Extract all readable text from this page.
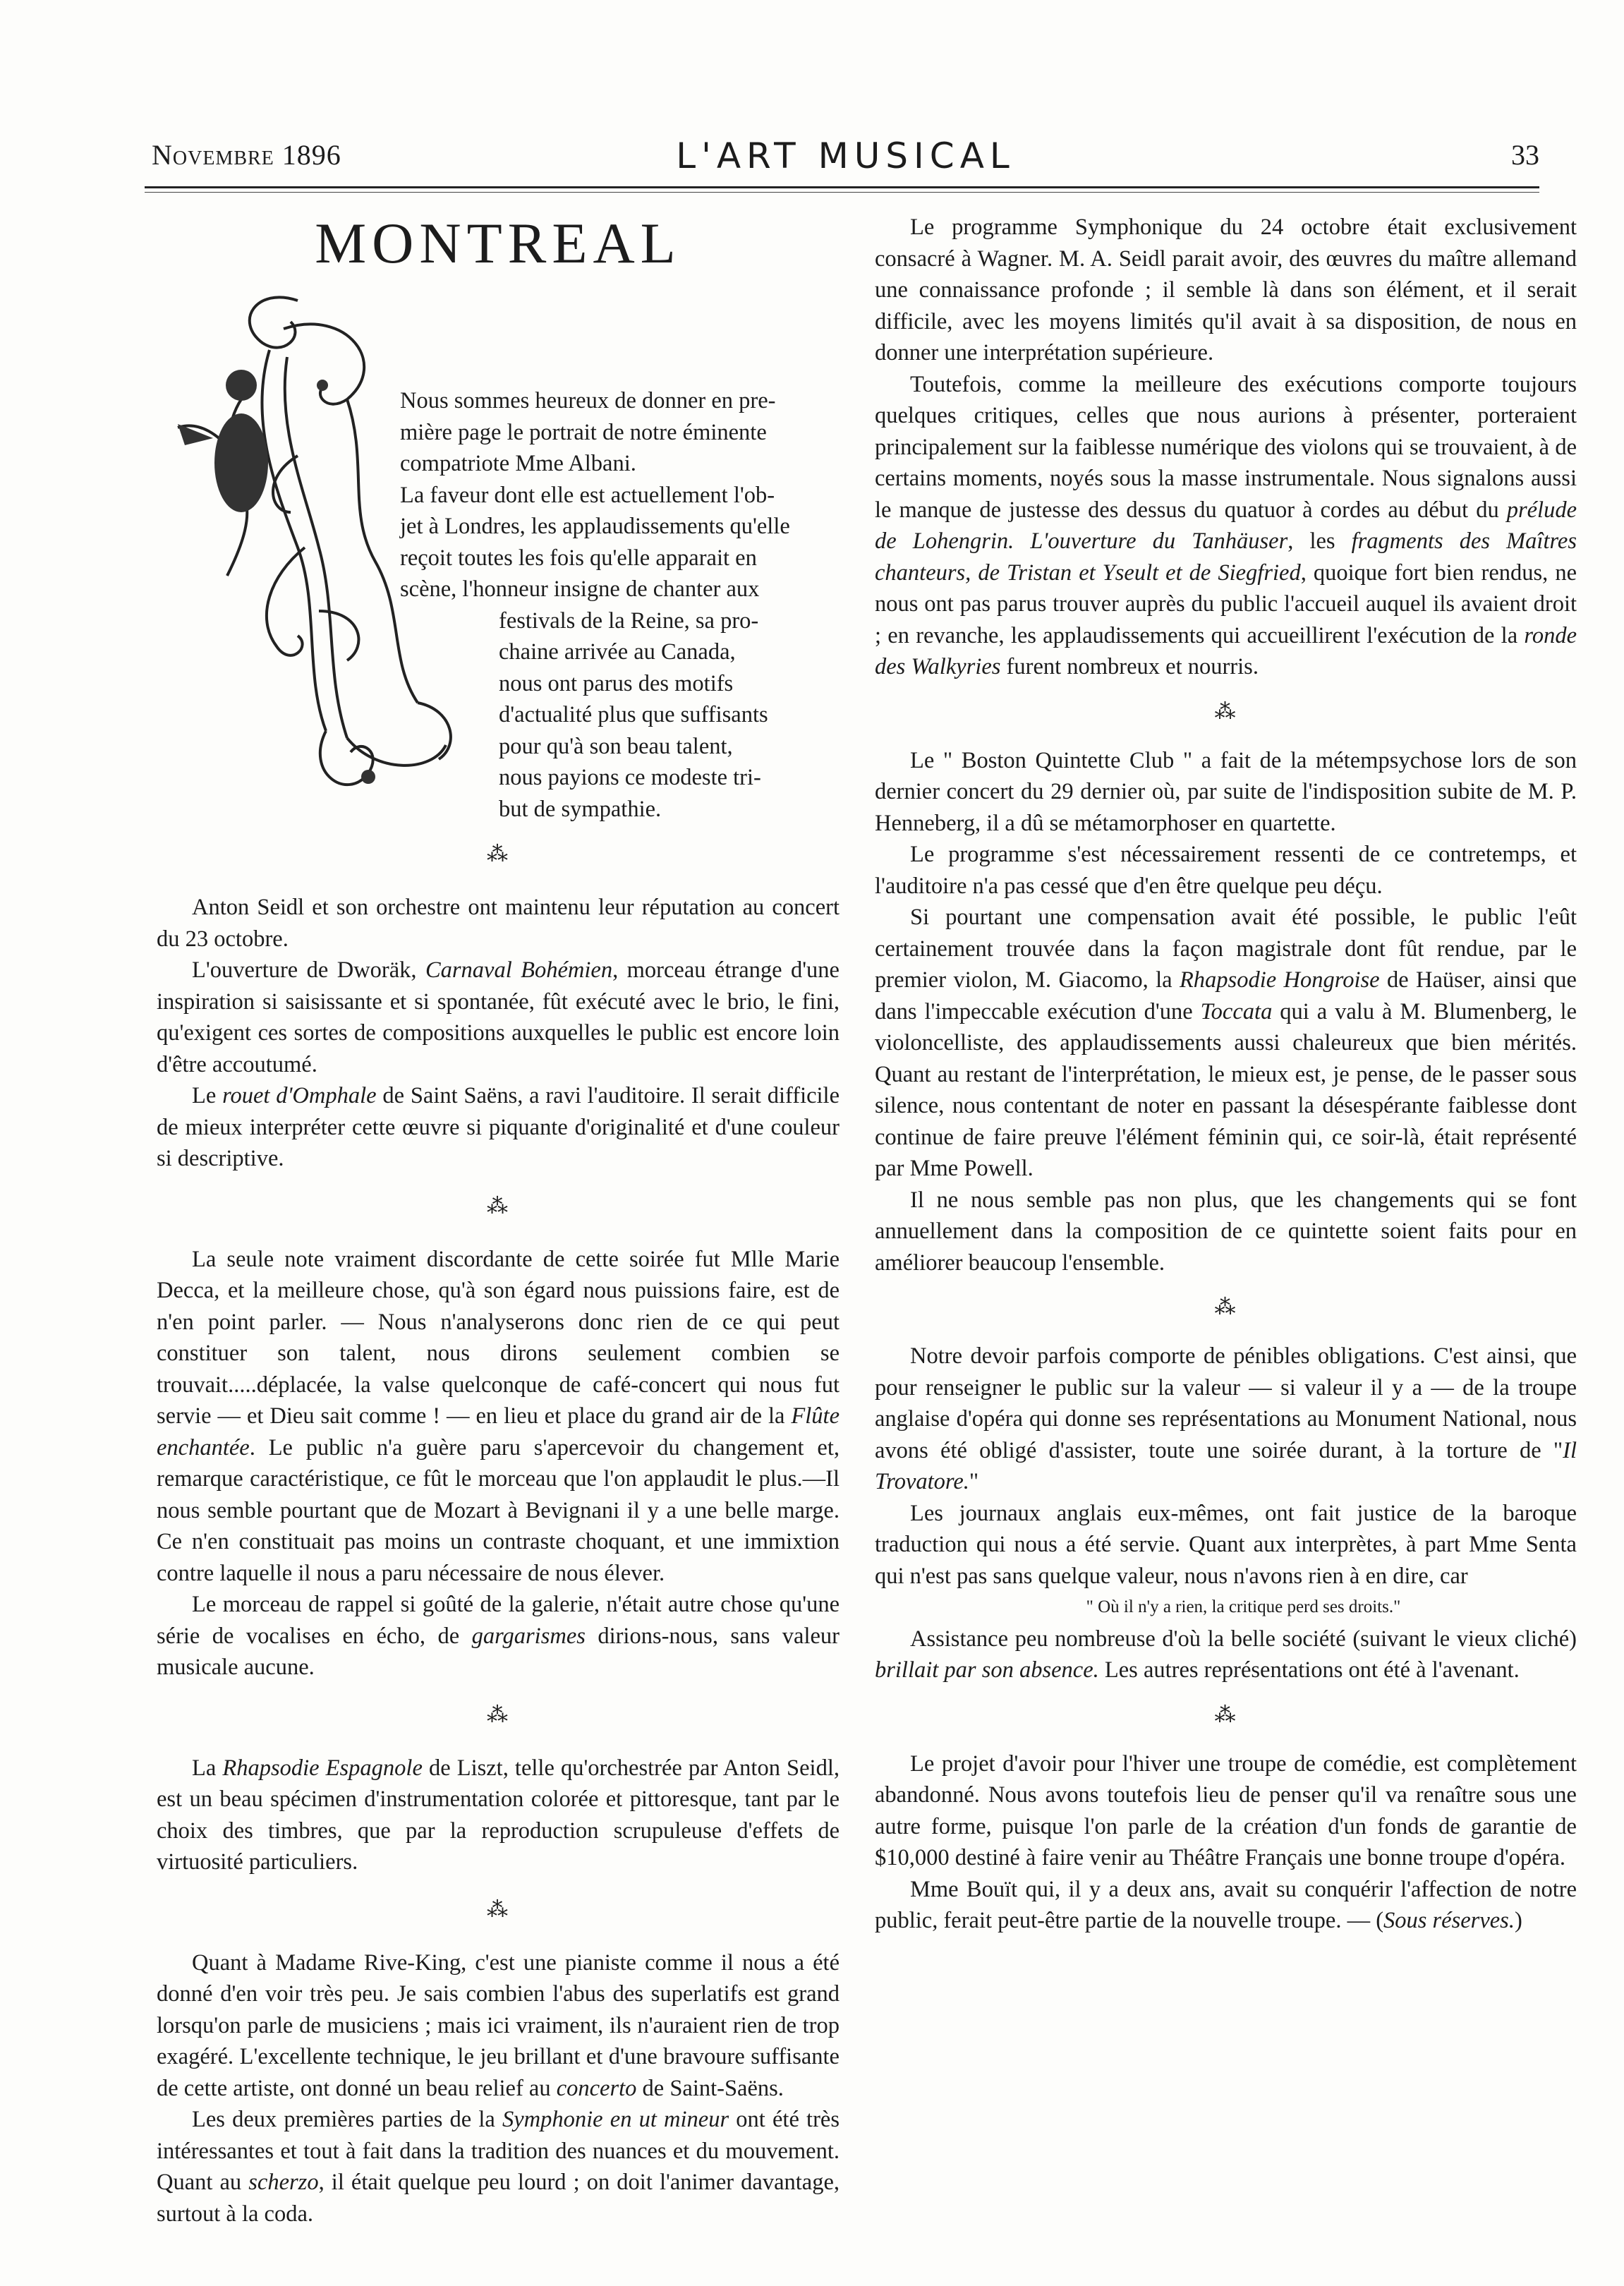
Novembre 1896	L'ART MUSICAL	33
MONTREAL

Nous sommes heureux de donner en pre-

mière page le portrait de notre éminente

compatriote Mme Albani.

La faveur dont elle est actuellement l'ob-

jet à Londres, les applaudissements qu'elle

reçoit toutes les fois qu'elle apparait en

scène, l'honneur insigne de chanter aux

festivals de la Reine, sa pro-

chaine arrivée au Canada,

nous ont parus des motifs

d'actualité plus que suffisants

pour qu'à son beau talent,

nous payions ce modeste tri-

but de sympathie.

⁂

Anton Seidl et son orchestre ont maintenu leur réputation au concert du 23 octobre.

L'ouverture de Dworäk, Carnaval Bohémien, morceau étrange d'une inspiration si saisissante et si spontanée, fût exécuté avec le brio, le fini, qu'exigent ces sortes de compositions auxquelles le public est encore loin d'être accoutumé.

Le rouet d'Omphale de Saint Saëns, a ravi l'auditoire. Il serait difficile de mieux interpréter cette œuvre si piquante d'originalité et d'une couleur si descriptive.

⁂

La seule note vraiment discordante de cette soirée fut Mlle Marie Decca, et la meilleure chose, qu'à son égard nous puissions faire, est de n'en point parler. — Nous n'analyserons donc rien de ce qui peut constituer son talent, nous dirons seulement combien se trouvait.....déplacée, la valse quelconque de café-concert qui nous fut servie — et Dieu sait comme ! — en lieu et place du grand air de la Flûte enchantée. Le public n'a guère paru s'apercevoir du changement et, remarque caractéristique, ce fût le morceau que l'on applaudit le plus.—Il nous semble pourtant que de Mozart à Bevignani il y a une belle marge. Ce n'en constituait pas moins un contraste choquant, et une immixtion contre laquelle il nous a paru nécessaire de nous élever.

Le morceau de rappel si goûté de la galerie, n'était autre chose qu'une série de vocalises en écho, de gargarismes dirions-nous, sans valeur musicale aucune.

⁂

La Rhapsodie Espagnole de Liszt, telle qu'orchestrée par Anton Seidl, est un beau spécimen d'instrumentation colorée et pittoresque, tant par le choix des timbres, que par la reproduction scrupuleuse d'effets de virtuosité particuliers.

⁂

Quant à Madame Rive-King, c'est une pianiste comme il nous a été donné d'en voir très peu. Je sais combien l'abus des superlatifs est grand lorsqu'on parle de musiciens ; mais ici vraiment, ils n'auraient rien de trop exagéré. L'excellente technique, le jeu brillant et d'une bravoure suffisante de cette artiste, ont donné un beau relief au concerto de Saint-Saëns.

Les deux premières parties de la Symphonie en ut mineur ont été très intéressantes et tout à fait dans la tradition des nuances et du mouvement. Quant au scherzo, il était quelque peu lourd ; on doit l'animer davantage, surtout à la coda.

Le programme Symphonique du 24 octobre était exclusivement consacré à Wagner. M. A. Seidl parait avoir, des œuvres du maître allemand une connaissance profonde ; il semble là dans son élément, et il serait difficile, avec les moyens limités qu'il avait à sa disposition, de nous en donner une interprétation supérieure.

Toutefois, comme la meilleure des exécutions comporte toujours quelques critiques, celles que nous aurions à présenter, porteraient principalement sur la faiblesse numérique des violons qui se trouvaient, à de certains moments, noyés sous la masse instrumentale. Nous signalons aussi le manque de justesse des dessus du quatuor à cordes au début du prélude de Lohengrin. L'ouverture du Tanhäuser, les fragments des Maîtres chanteurs, de Tristan et Yseult et de Siegfried, quoique fort bien rendus, ne nous ont pas parus trouver auprès du public l'accueil auquel ils avaient droit ; en revanche, les applaudissements qui accueillirent l'exécution de la ronde des Walkyries furent nombreux et nourris.

⁂

Le " Boston Quintette Club " a fait de la métempsychose lors de son dernier concert du 29 dernier où, par suite de l'indisposition subite de M. P. Henneberg, il a dû se métamorphoser en quartette.

Le programme s'est nécessairement ressenti de ce contretemps, et l'auditoire n'a pas cessé que d'en être quelque peu déçu.

Si pourtant une compensation avait été possible, le public l'eût certainement trouvée dans la façon magistrale dont fût rendue, par le premier violon, M. Giacomo, la Rhapsodie Hongroise de Haüser, ainsi que dans l'impeccable exécution d'une Toccata qui a valu à M. Blumenberg, le violoncelliste, des applaudissements aussi chaleureux que bien mérités. Quant au restant de l'interprétation, le mieux est, je pense, de le passer sous silence, nous contentant de noter en passant la désespérante faiblesse dont continue de faire preuve l'élément féminin qui, ce soir-là, était représenté par Mme Powell.

Il ne nous semble pas non plus, que les changements qui se font annuellement dans la composition de ce quintette soient faits pour en améliorer beaucoup l'ensemble.

⁂

Notre devoir parfois comporte de pénibles obligations. C'est ainsi, que pour renseigner le public sur la valeur — si valeur il y a — de la troupe anglaise d'opéra qui donne ses représentations au Monument National, nous avons été obligé d'assister, toute une soirée durant, à la torture de "Il Trovatore."

Les journaux anglais eux-mêmes, ont fait justice de la baroque traduction qui nous a été servie. Quant aux interprètes, à part Mme Senta qui n'est pas sans quelque valeur, nous n'avons rien à en dire, car

" Où il n'y a rien, la critique perd ses droits."

Assistance peu nombreuse d'où la belle société (suivant le vieux cliché) brillait par son absence. Les autres représentations ont été à l'avenant.

⁂

Le projet d'avoir pour l'hiver une troupe de comédie, est complètement abandonné. Nous avons toutefois lieu de penser qu'il va renaître sous une autre forme, puisque l'on parle de la création d'un fonds de garantie de $10,000 destiné à faire venir au Théâtre Français une bonne troupe d'opéra.

Mme Bouït qui, il y a deux ans, avait su conquérir l'affection de notre public, ferait peut-être partie de la nouvelle troupe. — (Sous réserves.)
